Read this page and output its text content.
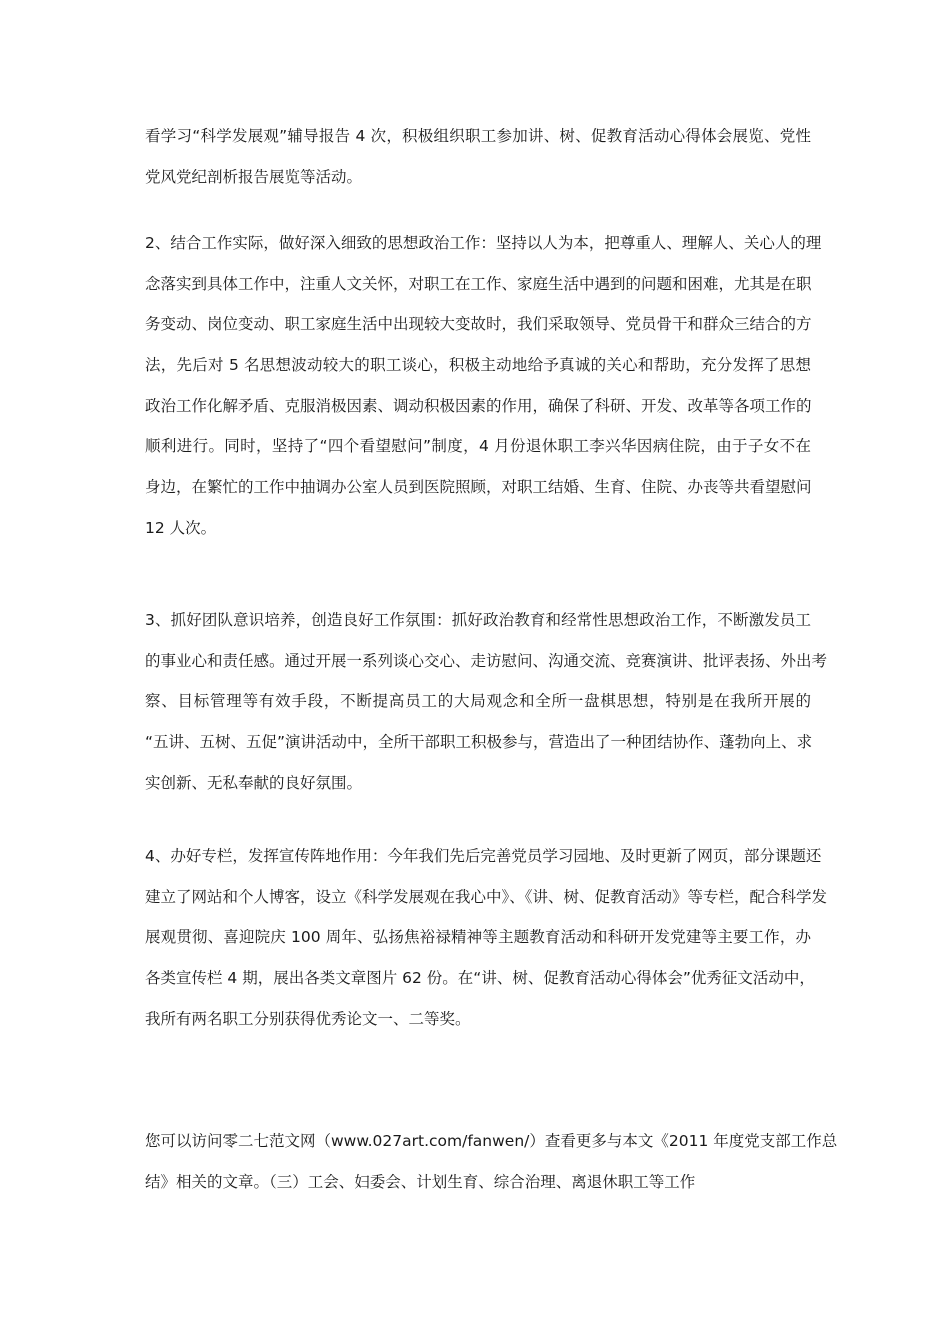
看学习“科学发展观”辅导报告 4 次，积极组织职工参加讲、树、促教育活动心得体会展览、党性
党风党纪剖析报告展览等活动。
2、结合工作实际，做好深入细致的思想政治工作：坚持以人为本，把尊重人、理解人、关心人的理
念落实到具体工作中，注重人文关怀，对职工在工作、家庭生活中遇到的问题和困难，尤其是在职
务变动、岗位变动、职工家庭生活中出现较大变故时，我们采取领导、党员骨干和群众三结合的方
法，先后对 5 名思想波动较大的职工谈心，积极主动地给予真诚的关心和帮助，充分发挥了思想
政治工作化解矛盾、克服消极因素、调动积极因素的作用，确保了科研、开发、改革等各项工作的
顺利进行。同时，坚持了“四个看望慰问”制度，4 月份退休职工李兴华因病住院，由于子女不在
身边，在繁忙的工作中抽调办公室人员到医院照顾，对职工结婚、生育、住院、办丧等共看望慰问
12 人次。
3、抓好团队意识培养，创造良好工作氛围：抓好政治教育和经常性思想政治工作，不断激发员工
的事业心和责任感。通过开展一系列谈心交心、走访慰问、沟通交流、竞赛演讲、批评表扬、外出考
察、目标管理等有效手段，不断提高员工的大局观念和全所一盘棋思想，特别是在我所开展的
“五讲、五树、五促”演讲活动中，全所干部职工积极参与，营造出了一种团结协作、蓬勃向上、求
实创新、无私奉献的良好氛围。
4、办好专栏，发挥宣传阵地作用：今年我们先后完善党员学习园地、及时更新了网页，部分课题还
建立了网站和个人博客，设立《科学发展观在我心中》、《讲、树、促教育活动》等专栏，配合科学发
展观贯彻、喜迎院庆 100 周年、弘扬焦裕禄精神等主题教育活动和科研开发党建等主要工作，办
各类宣传栏 4 期，展出各类文章图片 62 份。在“讲、树、促教育活动心得体会”优秀征文活动中，
我所有两名职工分别获得优秀论文一、二等奖。
您可以访问零二七范文网（www.027art.com/fanwen/）查看更多与本文《2011 年度党支部工作总
结》相关的文章。（三）工会、妇委会、计划生育、综合治理、离退休职工等工作
